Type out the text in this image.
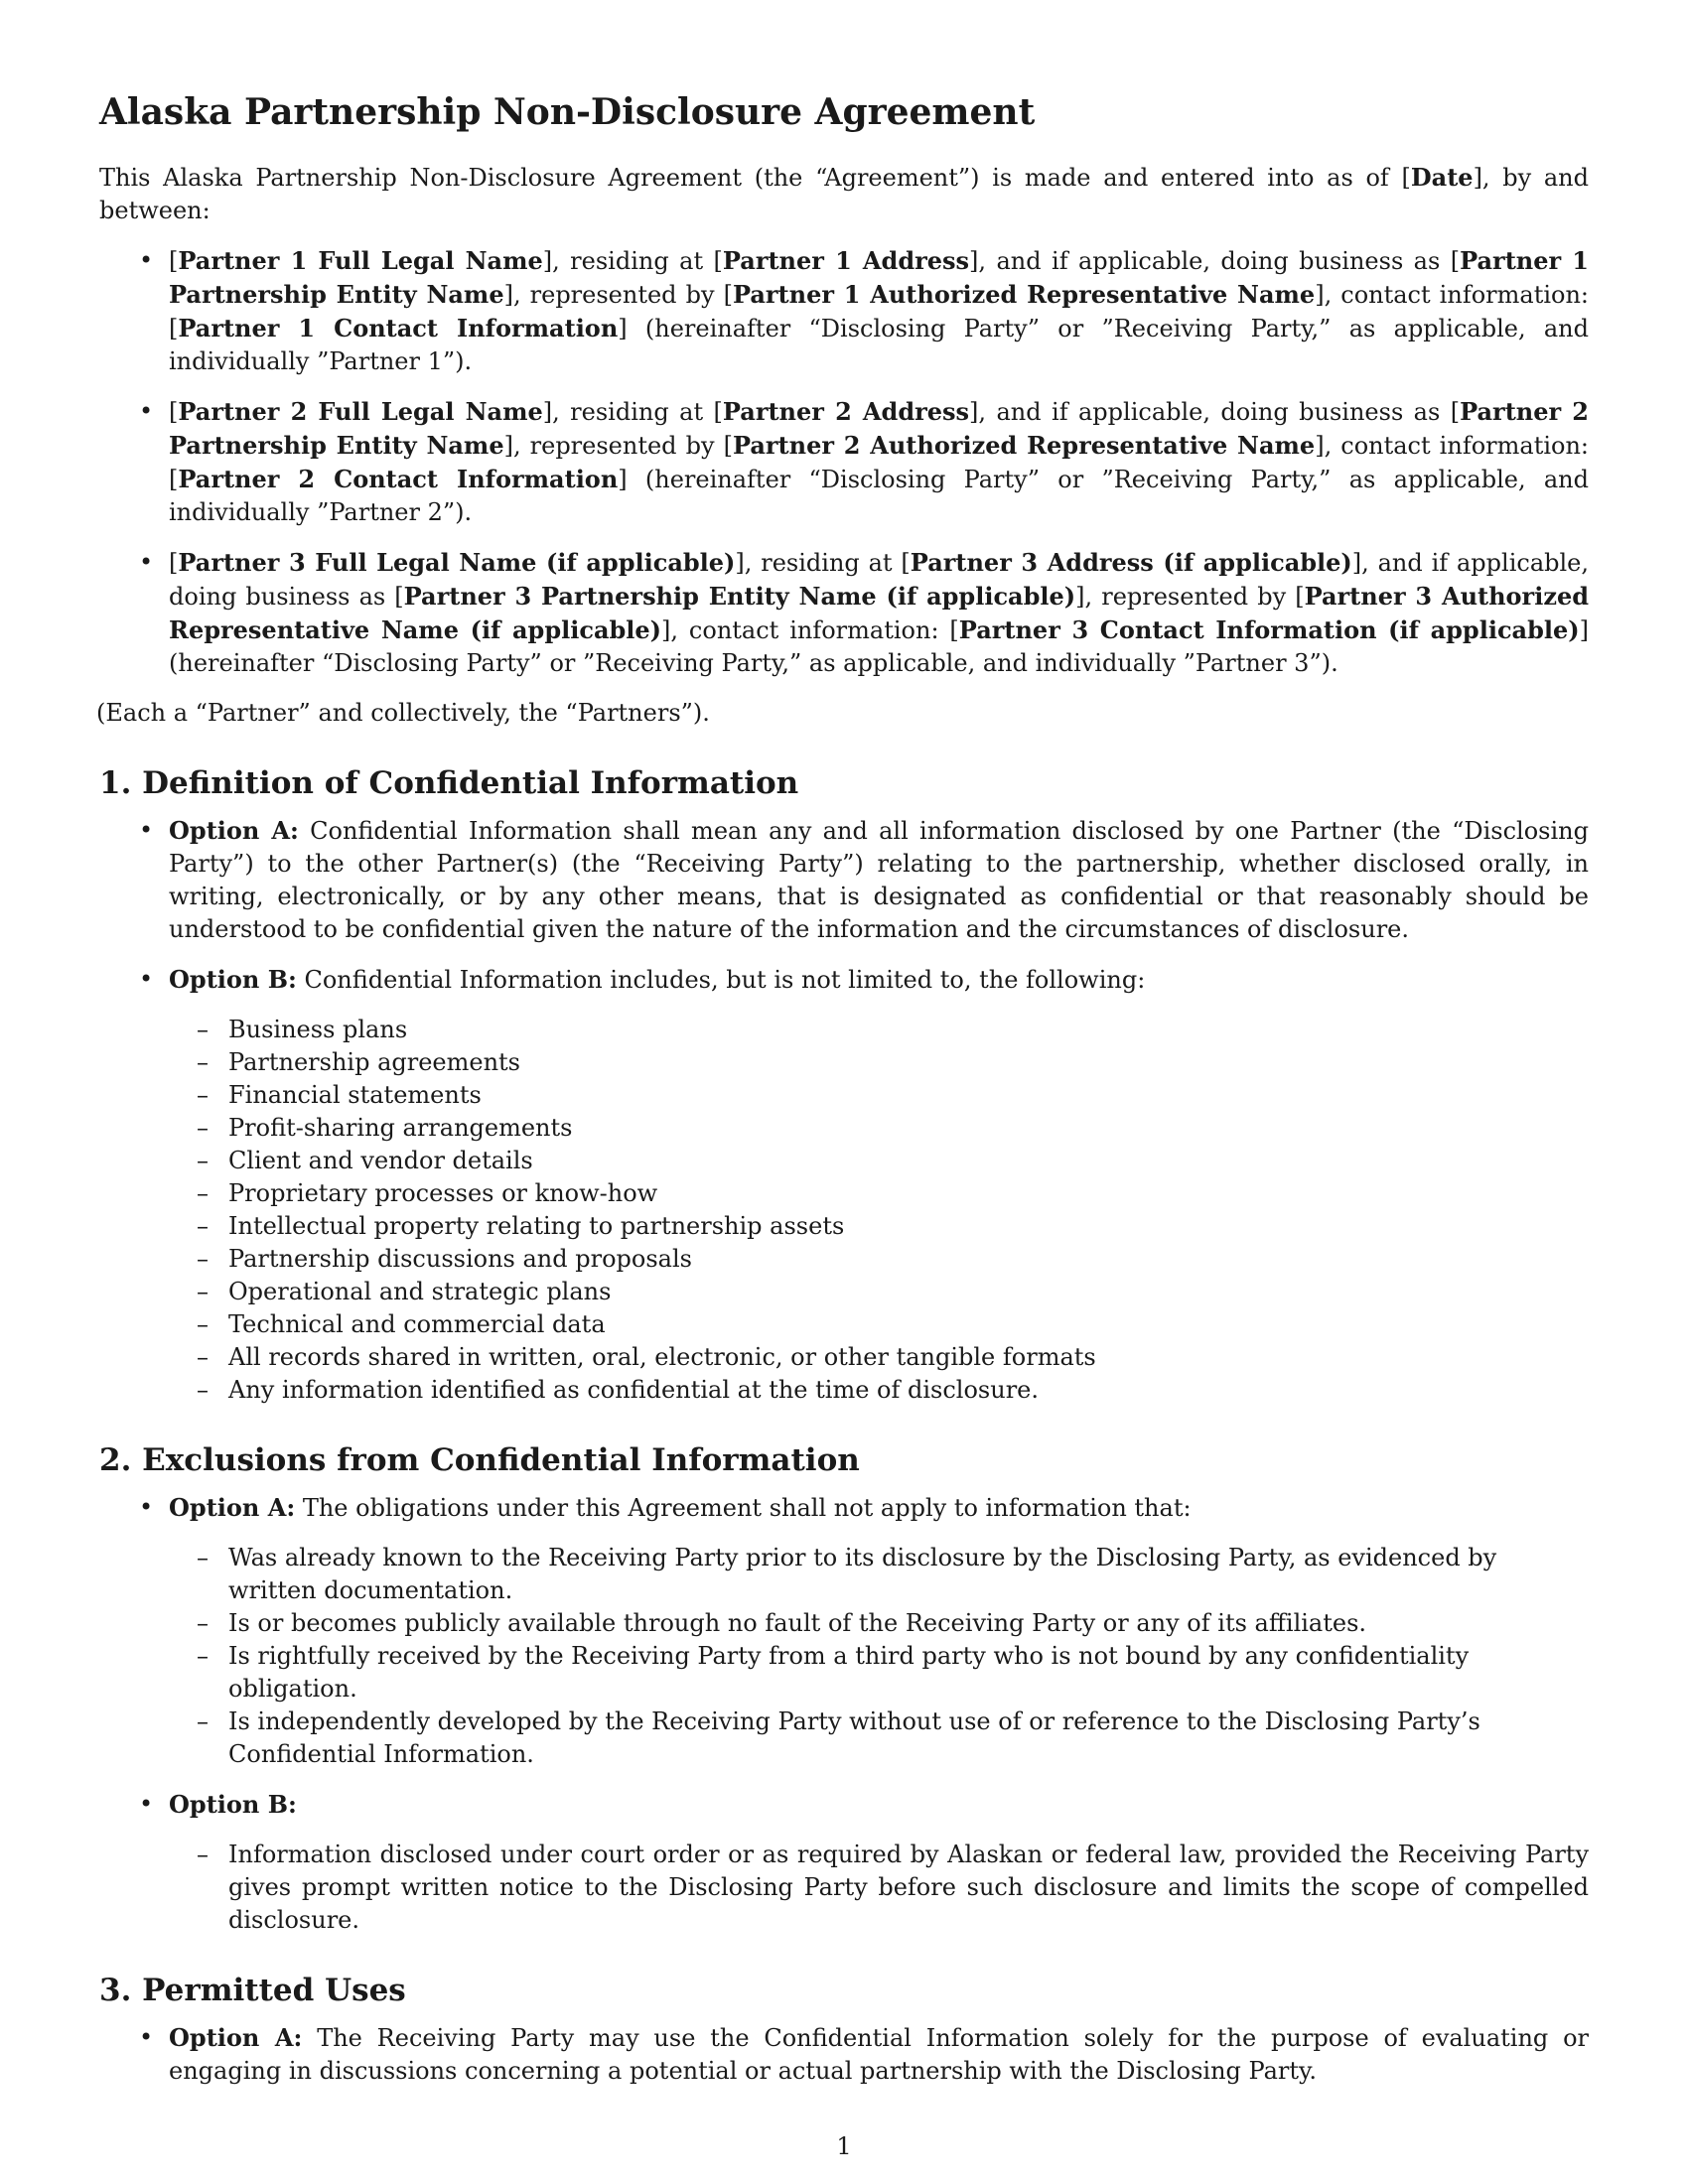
Alaska Partnership Non-Disclosure Agreement

This Alaska Partnership Non-Disclosure Agreement (the “Agreement”) is made and entered into as of [Date], by and between:

• [Partner 1 Full Legal Name], residing at [Partner 1 Address], and if applicable, doing business as [Partner 1 Partnership Entity Name], represented by [Partner 1 Authorized Representative Name], contact information: [Partner 1 Contact Information] (hereinafter “Disclosing Party” or ”Receiving Party,” as applicable, and individually ”Partner 1”).
• [Partner 2 Full Legal Name], residing at [Partner 2 Address], and if applicable, doing business as [Partner 2 Partnership Entity Name], represented by [Partner 2 Authorized Representative Name], contact information: [Partner 2 Contact Information] (hereinafter “Disclosing Party” or ”Receiving Party,” as applicable, and individually ”Partner 2”).
• [Partner 3 Full Legal Name (if applicable)], residing at [Partner 3 Address (if applicable)], and if applicable, doing business as [Partner 3 Partnership Entity Name (if applicable)], represented by [Partner 3 Authorized Representative Name (if applicable)], contact information: [Partner 3 Contact Information (if applicable)] (hereinafter “Disclosing Party” or ”Receiving Party,” as applicable, and individually ”Partner 3”).

(Each a “Partner” and collectively, the “Partners”).

1. Definition of Confidential Information
• Option A: Confidential Information shall mean any and all information disclosed by one Partner (the “Disclosing Party”) to the other Partner(s) (the “Receiving Party”) relating to the partnership, whether disclosed orally, in writing, electronically, or by any other means, that is designated as confidential or that reasonably should be understood to be confidential given the nature of the information and the circumstances of disclosure.
• Option B: Confidential Information includes, but is not limited to, the following:
– Business plans
– Partnership agreements
– Financial statements
– Profit-sharing arrangements
– Client and vendor details
– Proprietary processes or know-how
– Intellectual property relating to partnership assets
– Partnership discussions and proposals
– Operational and strategic plans
– Technical and commercial data
– All records shared in written, oral, electronic, or other tangible formats
– Any information identified as confidential at the time of disclosure.
2. Exclusions from Confidential Information
• Option A: The obligations under this Agreement shall not apply to information that:
– Was already known to the Receiving Party prior to its disclosure by the Disclosing Party, as evidenced by written documentation.
– Is or becomes publicly available through no fault of the Receiving Party or any of its affiliates.
– Is rightfully received by the Receiving Party from a third party who is not bound by any confidentiality obligation.
– Is independently developed by the Receiving Party without use of or reference to the Disclosing Party’s Confidential Information.
• Option B:
– Information disclosed under court order or as required by Alaskan or federal law, provided the Receiving Party gives prompt written notice to the Disclosing Party before such disclosure and limits the scope of compelled disclosure.
3. Permitted Uses
• Option A: The Receiving Party may use the Confidential Information solely for the purpose of evaluating or engaging in discussions concerning a potential or actual partnership with the Disclosing Party.
1
